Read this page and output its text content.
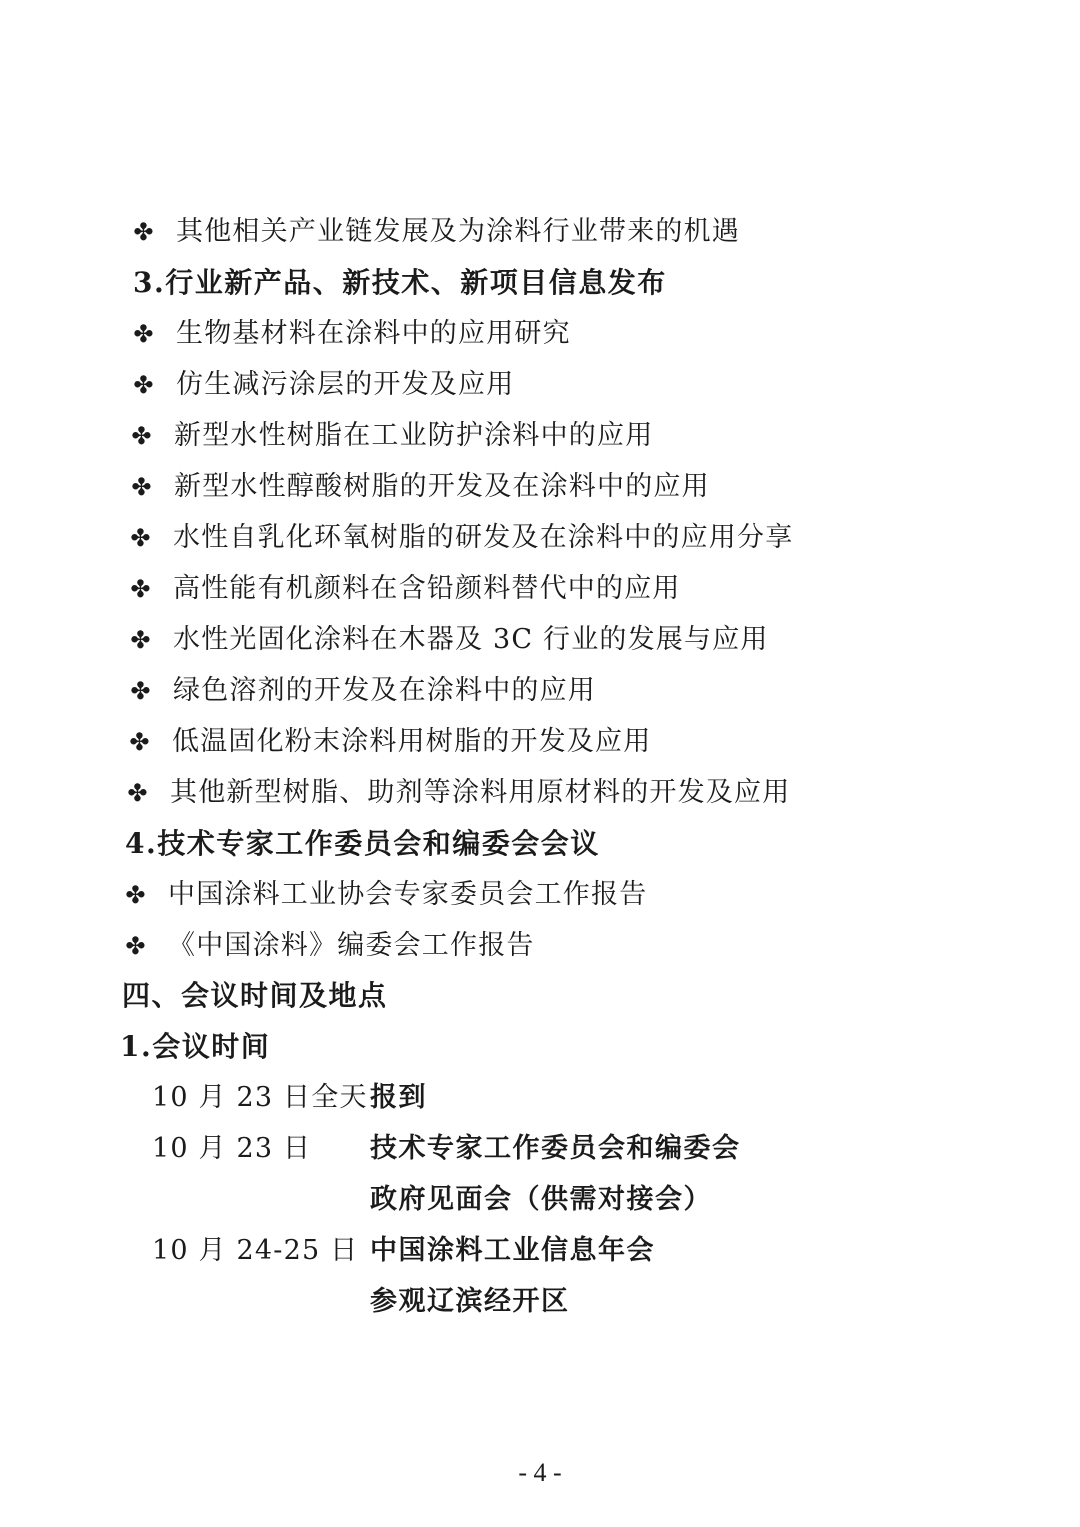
✤ 其他相关产业链发展及为涂料行业带来的机遇
3.行业新产品、新技术、新项目信息发布
✤ 生物基材料在涂料中的应用研究
✤ 仿生减污涂层的开发及应用
✤ 新型水性树脂在工业防护涂料中的应用
✤ 新型水性醇酸树脂的开发及在涂料中的应用
✤ 水性自乳化环氧树脂的研发及在涂料中的应用分享
✤ 高性能有机颜料在含铅颜料替代中的应用
✤ 水性光固化涂料在木器及 3C 行业的发展与应用
✤ 绿色溶剂的开发及在涂料中的应用
✤ 低温固化粉末涂料用树脂的开发及应用
✤ 其他新型树脂、助剂等涂料用原材料的开发及应用
4.技术专家工作委员会和编委会会议
✤ 中国涂料工业协会专家委员会工作报告
✤ 《中国涂料》编委会工作报告
四、会议时间及地点
1.会议时间
10 月 23 日全天 报到
10 月 23 日 技术专家工作委员会和编委会
政府见面会（供需对接会）
10 月 24-25 日 中国涂料工业信息年会
参观辽滨经开区
- 4 -
